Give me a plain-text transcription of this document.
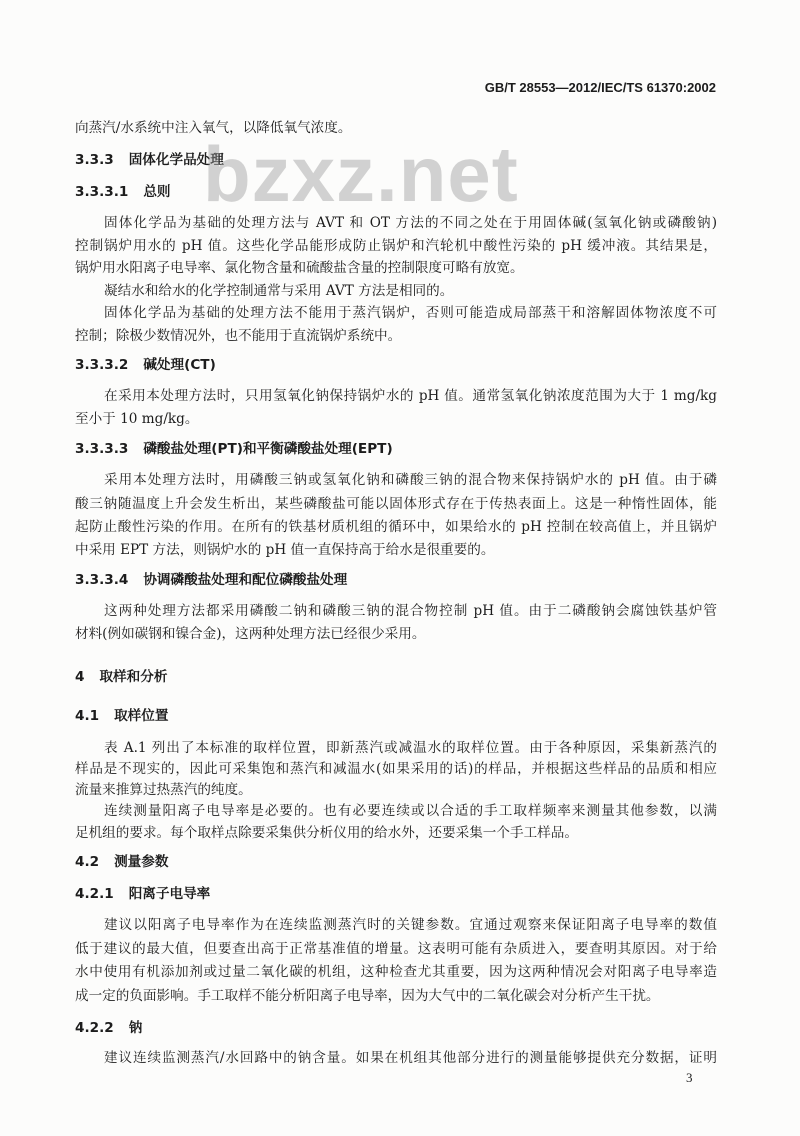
GB/T 28553—2012/IEC/TS 61370:2002
向蒸汽/水系统中注入氧气，以降低氧气浓度。
3.3.3 固体化学品处理
3.3.3.1 总则
固体化学品为基础的处理方法与 AVT 和 OT 方法的不同之处在于用固体碱(氢氧化钠或磷酸钠)
控制锅炉用水的 pH 值。这些化学品能形成防止锅炉和汽轮机中酸性污染的 pH 缓冲液。其结果是，
锅炉用水阳离子电导率、氯化物含量和硫酸盐含量的控制限度可略有放宽。
凝结水和给水的化学控制通常与采用 AVT 方法是相同的。
固体化学品为基础的处理方法不能用于蒸汽锅炉，否则可能造成局部蒸干和溶解固体物浓度不可
控制；除极少数情况外，也不能用于直流锅炉系统中。
3.3.3.2 碱处理(CT)
在采用本处理方法时，只用氢氧化钠保持锅炉水的 pH 值。通常氢氧化钠浓度范围为大于 1 mg/kg
至小于 10 mg/kg。
3.3.3.3 磷酸盐处理(PT)和平衡磷酸盐处理(EPT)
采用本处理方法时，用磷酸三钠或氢氧化钠和磷酸三钠的混合物来保持锅炉水的 pH 值。由于磷
酸三钠随温度上升会发生析出，某些磷酸盐可能以固体形式存在于传热表面上。这是一种惰性固体，能
起防止酸性污染的作用。在所有的铁基材质机组的循环中，如果给水的 pH 控制在较高值上，并且锅炉
中采用 EPT 方法，则锅炉水的 pH 值一直保持高于给水是很重要的。
3.3.3.4 协调磷酸盐处理和配位磷酸盐处理
这两种处理方法都采用磷酸二钠和磷酸三钠的混合物控制 pH 值。由于二磷酸钠会腐蚀铁基炉管
材料(例如碳钢和镍合金)，这两种处理方法已经很少采用。
4 取样和分析
4.1 取样位置
表 A.1 列出了本标准的取样位置，即新蒸汽或减温水的取样位置。由于各种原因，采集新蒸汽的
样品是不现实的，因此可采集饱和蒸汽和减温水(如果采用的话)的样品，并根据这些样品的品质和相应
流量来推算过热蒸汽的纯度。
连续测量阳离子电导率是必要的。也有必要连续或以合适的手工取样频率来测量其他参数，以满
足机组的要求。每个取样点除要采集供分析仪用的给水外，还要采集一个手工样品。
4.2 测量参数
4.2.1 阳离子电导率
建议以阳离子电导率作为在连续监测蒸汽时的关键参数。宜通过观察来保证阳离子电导率的数值
低于建议的最大值，但要查出高于正常基准值的增量。这表明可能有杂质进入，要查明其原因。对于给
水中使用有机添加剂或过量二氧化碳的机组，这种检查尤其重要，因为这两种情况会对阳离子电导率造
成一定的负面影响。手工取样不能分析阳离子电导率，因为大气中的二氧化碳会对分析产生干扰。
4.2.2 钠
建议连续监测蒸汽/水回路中的钠含量。如果在机组其他部分进行的测量能够提供充分数据，证明
3
bzxz.net
